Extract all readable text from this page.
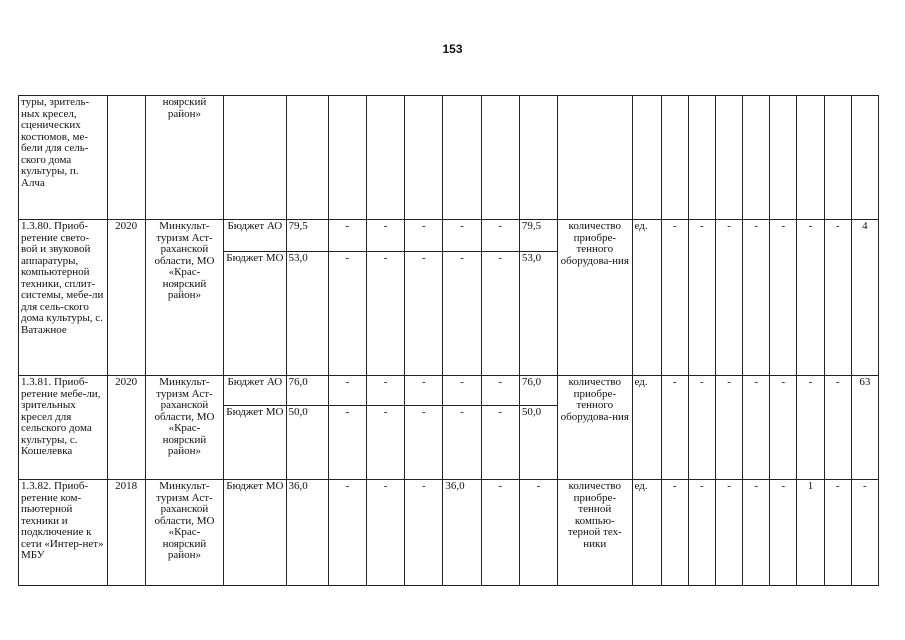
153
туры, зритель-ных кресел, сценических костюмов, ме-бели для сель-ского дома культуры, п. Алча		ноярский район»																		
1.3.80. Приоб-ретение свето-вой и звуковой аппаратуры, компьютерной техники, сплит-системы, мебе-ли для сель-ского дома культуры, с. Ватажное	2020	Минкульт-туризм Аст-раханской области, МО «Крас-ноярский район»	Бюджет АО	79,5	-	-	-	-	-	79,5	количество приобре-тенного оборудова-ния	ед.	-	-	-	-	-	-	-	4
			Бюджет МО	53,0	-	-	-	-	-	53,0										
1.3.81. Приоб-ретение мебе-ли, зрительных кресел для сельского дома культуры, с. Кошелевка	2020	Минкульт-туризм Аст-раханской области, МО «Крас-ноярский район»	Бюджет АО	76,0	-	-	-	-	-	76,0	количество приобре-тенного оборудова-ния	ед.	-	-	-	-	-	-	-	63
			Бюджет МО	50,0	-	-	-	-	-	50,0										
1.3.82. Приоб-ретение ком-пьютерной техники и подключение к сети «Интер-нет» МБУ	2018	Минкульт-туризм Аст-раханской области, МО «Крас-ноярский район»	Бюджет МО	36,0	-	-	-	36,0	-	-	количество приобре-тенной компью-терной тех-ники	ед.	-	-	-	-	-	1	-	-
